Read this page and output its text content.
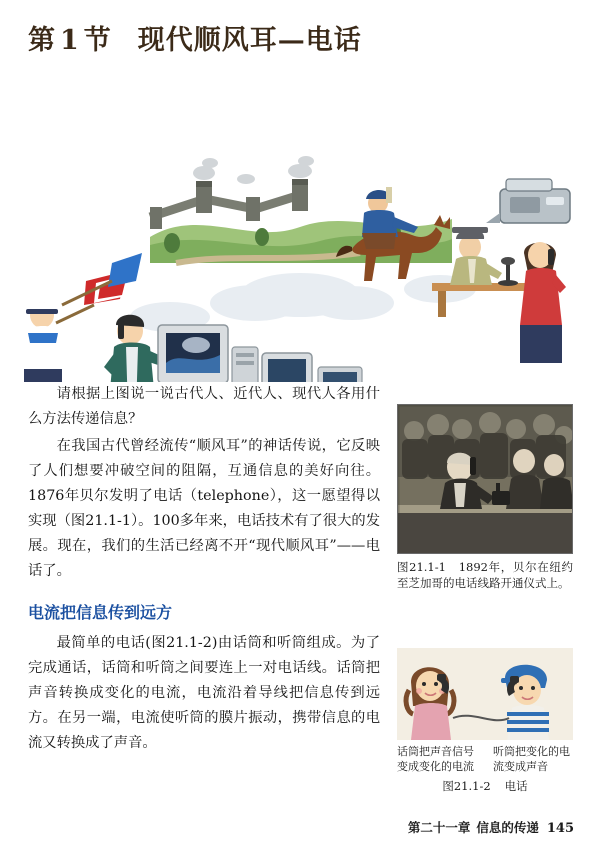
第 1 节 现代顺风耳—电话

请根据上图说一说古代人、近代人、现代人各用什么方法传递信息？

在我国古代曾经流传“顺风耳”的神话传说，它反映了人们想要冲破空间的阻隔，互通信息的美好向往。1876年贝尔发明了电话（telephone），这一愿望得以实现（图21.1-1）。100多年来，电话技术有了很大的发展。现在，我们的生活已经离不开“现代顺风耳”——电话了。

电流把信息传到远方

最简单的电话(图21.1-2)由话筒和听筒组成。为了完成通话，话筒和听筒之间要连上一对电话线。话筒把声音转换成变化的电流，电流沿着导线把信息传到远方。在另一端，电流使听筒的膜片振动，携带信息的电流又转换成了声音。

图21.1-1　1892年，贝尔在纽约至芝加哥的电话线路开通仪式上。
话筒把声音信号变成变化的电流
听筒把变化的电流变成声音
图21.1-2 电话
第二十一章 信息的传递 145
